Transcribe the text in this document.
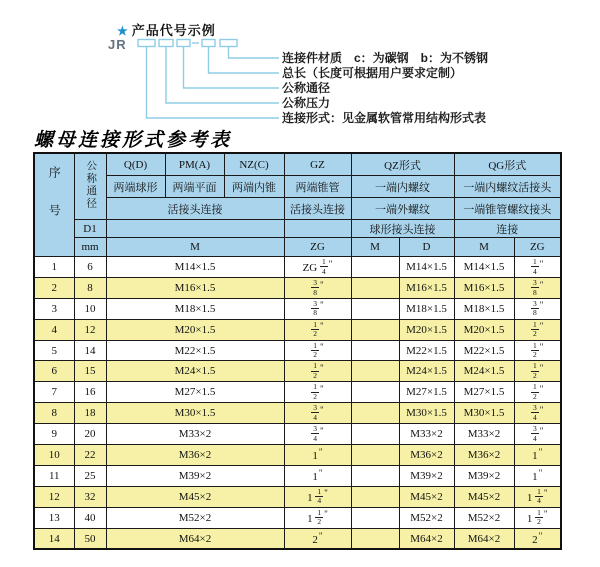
★ 产品代号示例
JR
连接件材质　c：为碳钢　b：为不锈钢
总长（长度可根据用户要求定制）
公称通径
公称压力
连接形式：见金属软管常用结构形式表
螺母连接形式参考表
序号	公称通径	Q(D)	PM(A)	NZ(C)	GZ	QZ形式		QG形式	
		两端球形	两端平面	两端内锥	两端锥管	一端内螺纹		一端内螺纹活接头	
		活接头连接			活接头连接	一端外螺纹		一端锥管螺纹接头	
	D1					球形接头连接		连接	
	mm	M			ZG	M	D	M	ZG
1	6	M14×1.5			ZG $\frac{1}{4} ^"$		M14×1.5	M14×1.5	$\frac{1}{4} ^"$
2	8	M16×1.5			$\frac{3}{8} ^"$		M16×1.5	M16×1.5	$\frac{3}{8} ^"$
3	10	M18×1.5			$\frac{3}{8} ^"$		M18×1.5	M18×1.5	$\frac{3}{8} ^"$
4	12	M20×1.5			$\frac{1}{2} ^"$		M20×1.5	M20×1.5	$\frac{1}{2} ^"$
5	14	M22×1.5			$\frac{1}{2} ^"$		M22×1.5	M22×1.5	$\frac{1}{2} ^"$
6	15	M24×1.5			$\frac{1}{2} ^"$		M24×1.5	M24×1.5	$\frac{1}{2} ^"$
7	16	M27×1.5			$\frac{1}{2} ^"$		M27×1.5	M27×1.5	$\frac{1}{2} ^"$
8	18	M30×1.5			$\frac{3}{4} ^"$		M30×1.5	M30×1.5	$\frac{3}{4} ^"$
9	20	M33×2			$\frac{3}{4} ^"$		M33×2	M33×2	$\frac{3}{4} ^"$
10	22	M36×2			1"		M36×2	M36×2	1"
11	25	M39×2			1"		M39×2	M39×2	1"
12	32	M45×2			$1 \frac{1}{4} ^"$		M45×2	M45×2	$1 \frac{1}{4} ^"$
13	40	M52×2			$1 \frac{1}{2} ^"$		M52×2	M52×2	$1 \frac{1}{2} ^"$
14	50	M64×2			2"		M64×2	M64×2	2"
